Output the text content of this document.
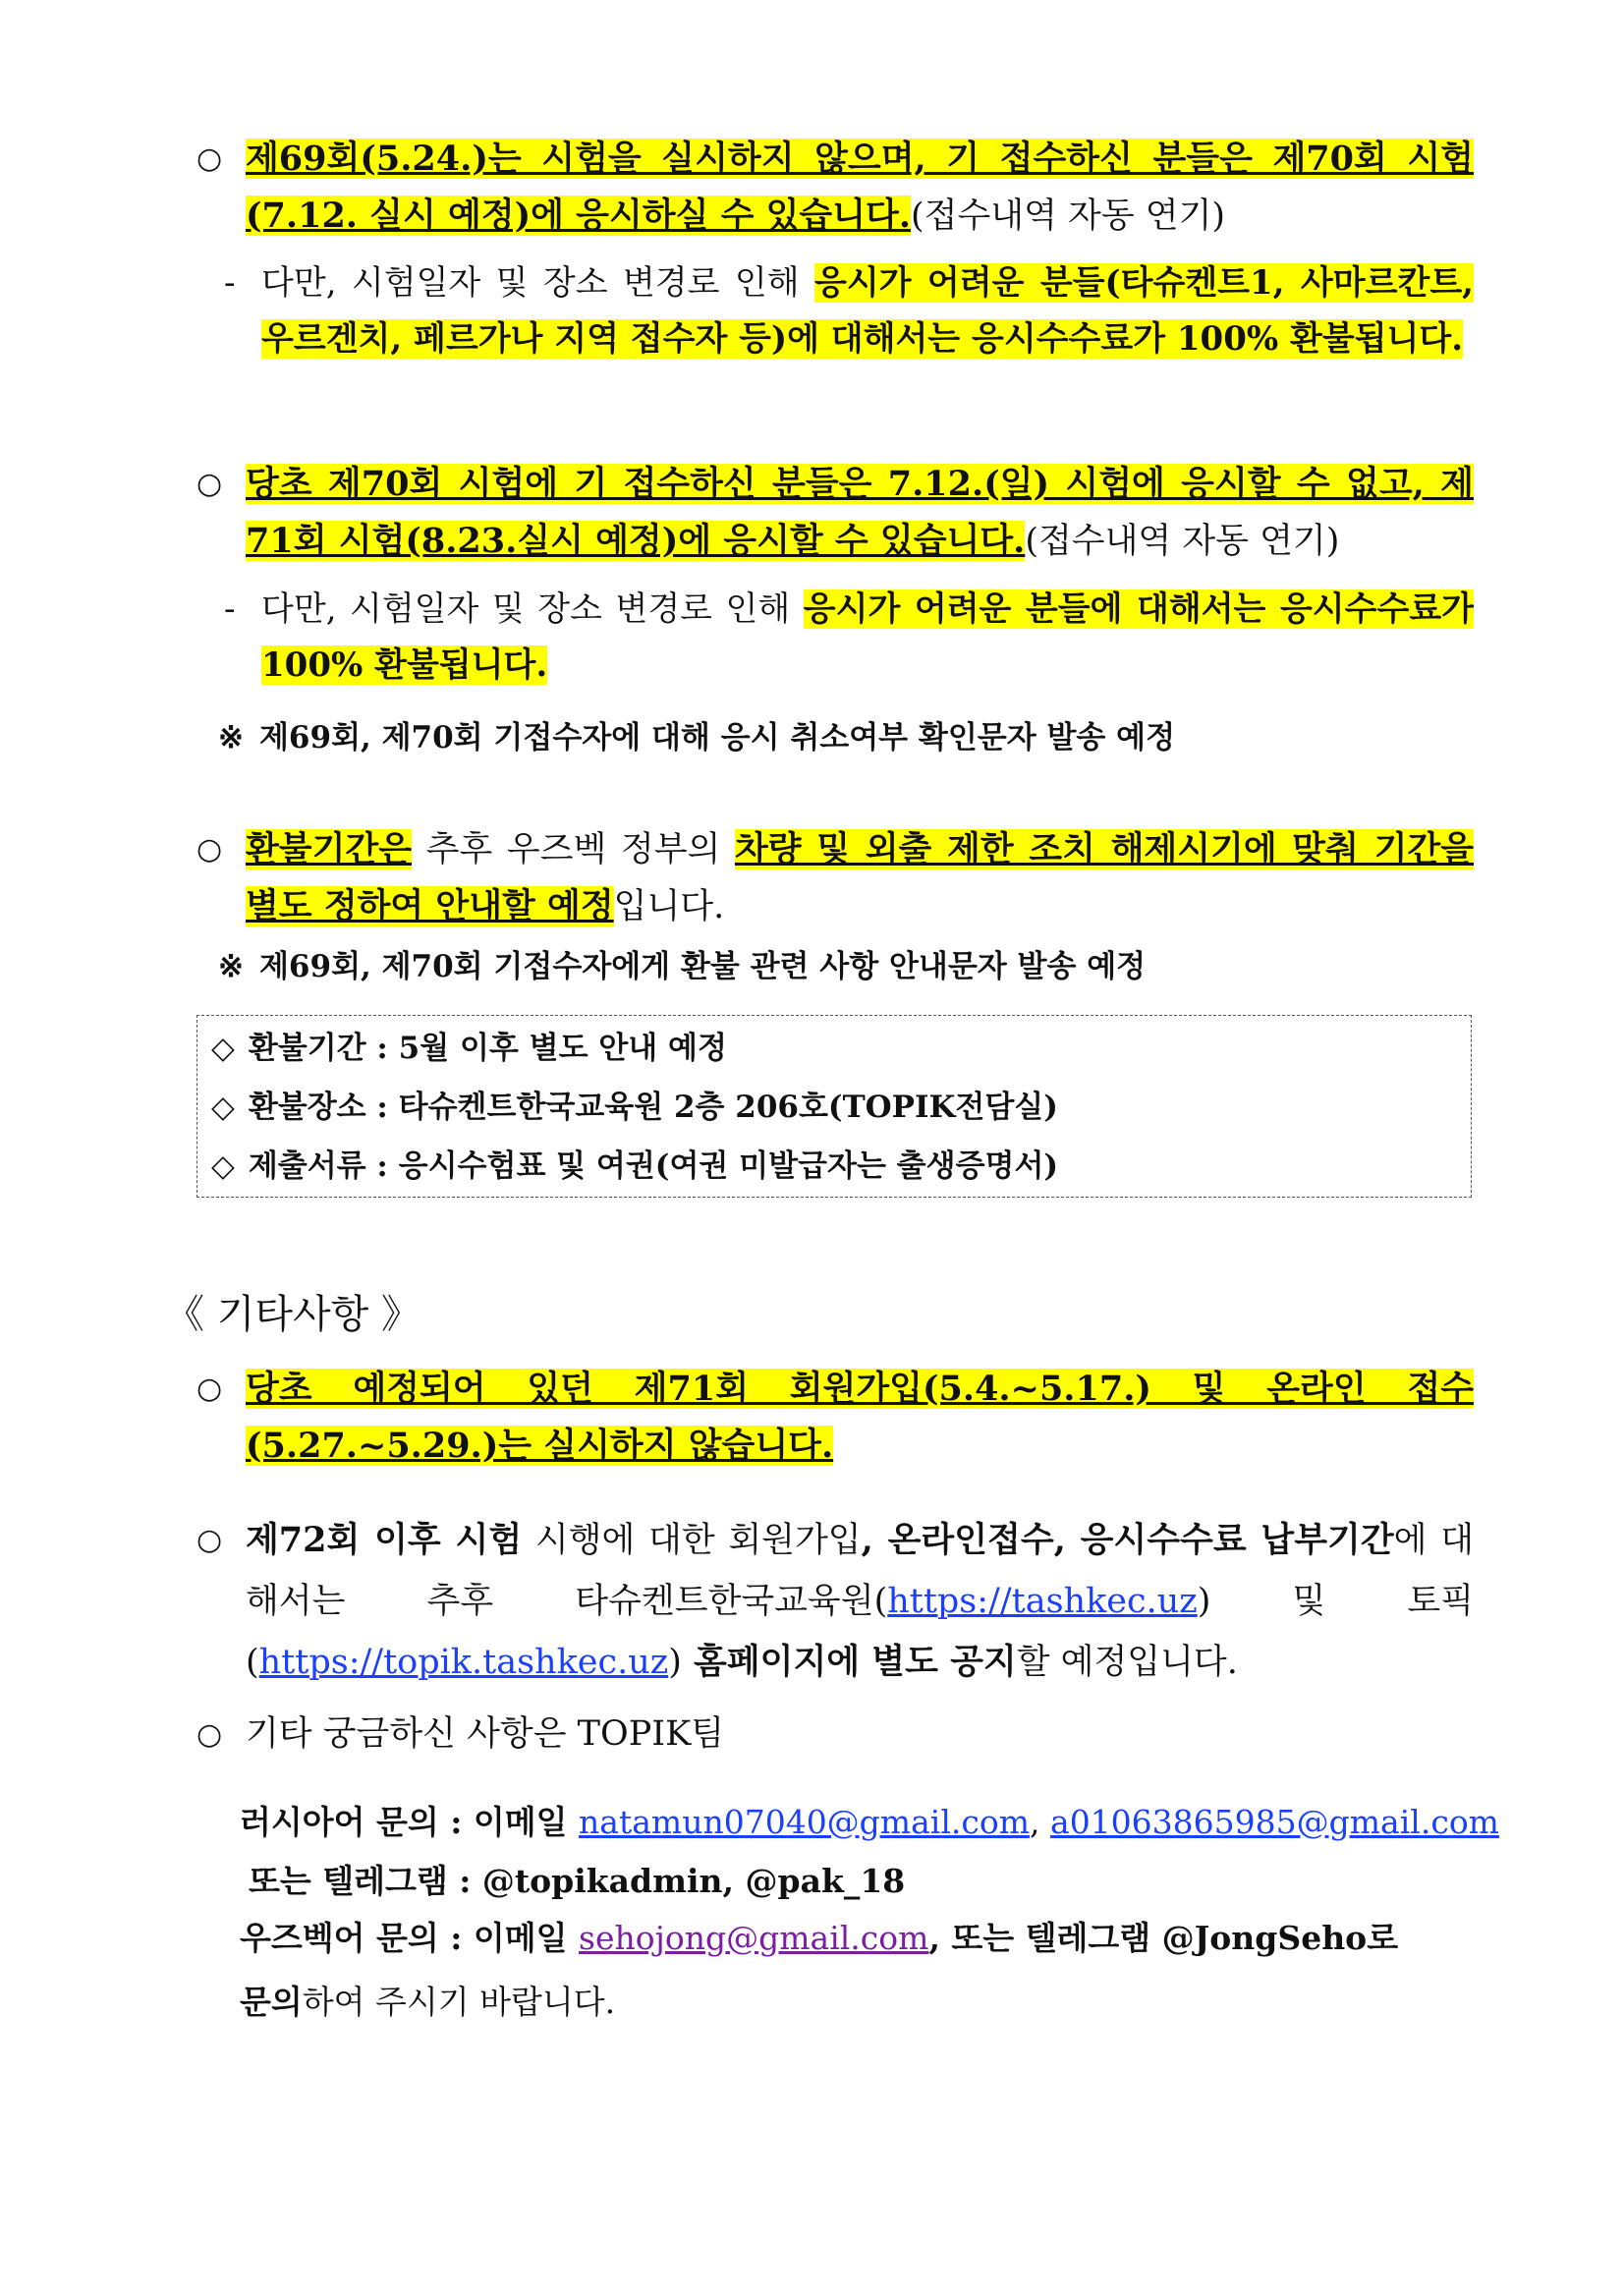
○ 제69회(5.24.)는 시험을 실시하지 않으며, 기 접수하신 분들은 제70회 시험(7.12. 실시 예정)에 응시하실 수 있습니다.(접수내역 자동 연기)
- 다만, 시험일자 및 장소 변경로 인해 응시가 어려운 분들(타슈켄트1, 사마르칸트, 우르겐치, 페르가나 지역 접수자 등)에 대해서는 응시수수료가 100% 환불됩니다.
○ 당초 제70회 시험에 기 접수하신 분들은 7.12.(일) 시험에 응시할 수 없고, 제71회 시험(8.23.실시 예정)에 응시할 수 있습니다.(접수내역 자동 연기)
- 다만, 시험일자 및 장소 변경로 인해 응시가 어려운 분들에 대해서는 응시수수료가 100% 환불됩니다.
※ 제69회, 제70회 기접수자에 대해 응시 취소여부 확인문자 발송 예정
○ 환불기간은 추후 우즈벡 정부의 차량 및 외출 제한 조치 해제시기에 맞춰 기간을 별도 정하여 안내할 예정입니다.
※ 제69회, 제70회 기접수자에게 환불 관련 사항 안내문자 발송 예정
◇ 환불기간 : 5월 이후 별도 안내 예정
◇ 환불장소 : 타슈켄트한국교육원 2층 206호(TOPIK전담실)
◇ 제출서류 : 응시수험표 및 여권(여권 미발급자는 출생증명서)
《 기타사항 》
○ 당초 예정되어 있던 제71회 회원가입(5.4.~5.17.) 및 온라인 접수(5.27.~5.29.)는 실시하지 않습니다.
○ 제72회 이후 시험 시행에 대한 회원가입, 온라인접수, 응시수수료 납부기간에 대해서는 추후 타슈켄트한국교육원(https://tashkec.uz) 및 토픽 (https://topik.tashkec.uz) 홈페이지에 별도 공지할 예정입니다.
○ 기타 궁금하신 사항은 TOPIK팀
러시아어 문의 : 이메일 natamun07040@gmail.com, a01063865985@gmail.com
또는 텔레그램 : @topikadmin, @pak_18
우즈벡어 문의 : 이메일 sehojong@gmail.com, 또는 텔레그램 @JongSeho로
문의하여 주시기 바랍니다.
